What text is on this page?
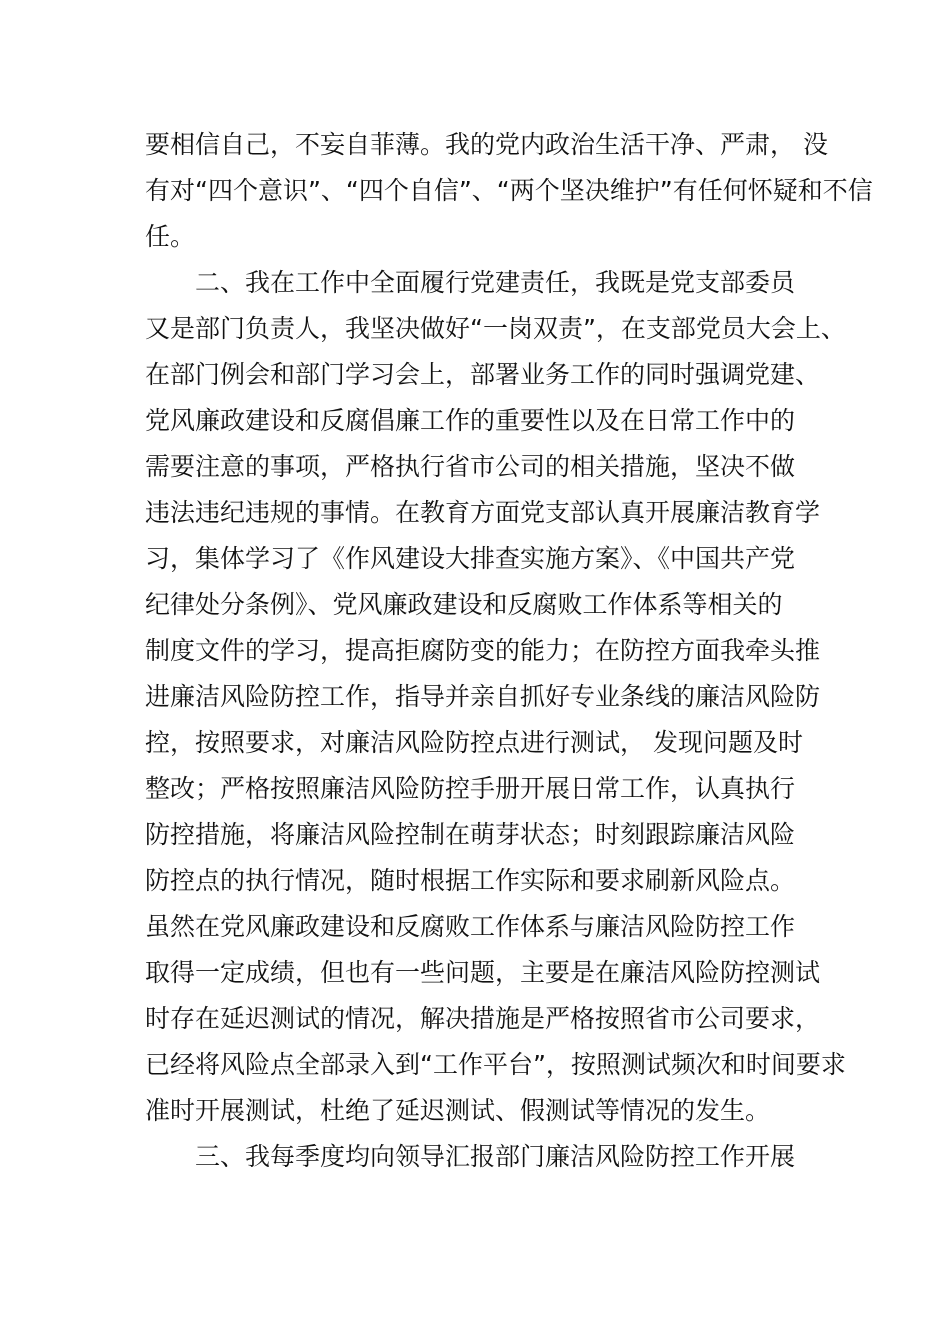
要相信自己，不妄自菲薄。我的党内政治生活干净、严肃， 没
有对“四个意识”、“四个自信”、“两个坚决维护”有任何怀疑和不信
任。
二、我在工作中全面履行党建责任，我既是党支部委员
又是部门负责人，我坚决做好“一岗双责”，在支部党员大会上、
在部门例会和部门学习会上，部署业务工作的同时强调党建、
党风廉政建设和反腐倡廉工作的重要性以及在日常工作中的
需要注意的事项，严格执行省市公司的相关措施，坚决不做
违法违纪违规的事情。在教育方面党支部认真开展廉洁教育学
习，集体学习了《作风建设大排查实施方案》、《中国共产党
纪律处分条例》、党风廉政建设和反腐败工作体系等相关的
制度文件的学习，提高拒腐防变的能力；在防控方面我牵头推
进廉洁风险防控工作，指导并亲自抓好专业条线的廉洁风险防
控，按照要求，对廉洁风险防控点进行测试， 发现问题及时
整改；严格按照廉洁风险防控手册开展日常工作，认真执行
防控措施，将廉洁风险控制在萌芽状态；时刻跟踪廉洁风险
防控点的执行情况，随时根据工作实际和要求刷新风险点。
虽然在党风廉政建设和反腐败工作体系与廉洁风险防控工作
取得一定成绩，但也有一些问题，主要是在廉洁风险防控测试
时存在延迟测试的情况，解决措施是严格按照省市公司要求，
已经将风险点全部录入到“工作平台”，按照测试频次和时间要求
准时开展测试，杜绝了延迟测试、假测试等情况的发生。
三、我每季度均向领导汇报部门廉洁风险防控工作开展
